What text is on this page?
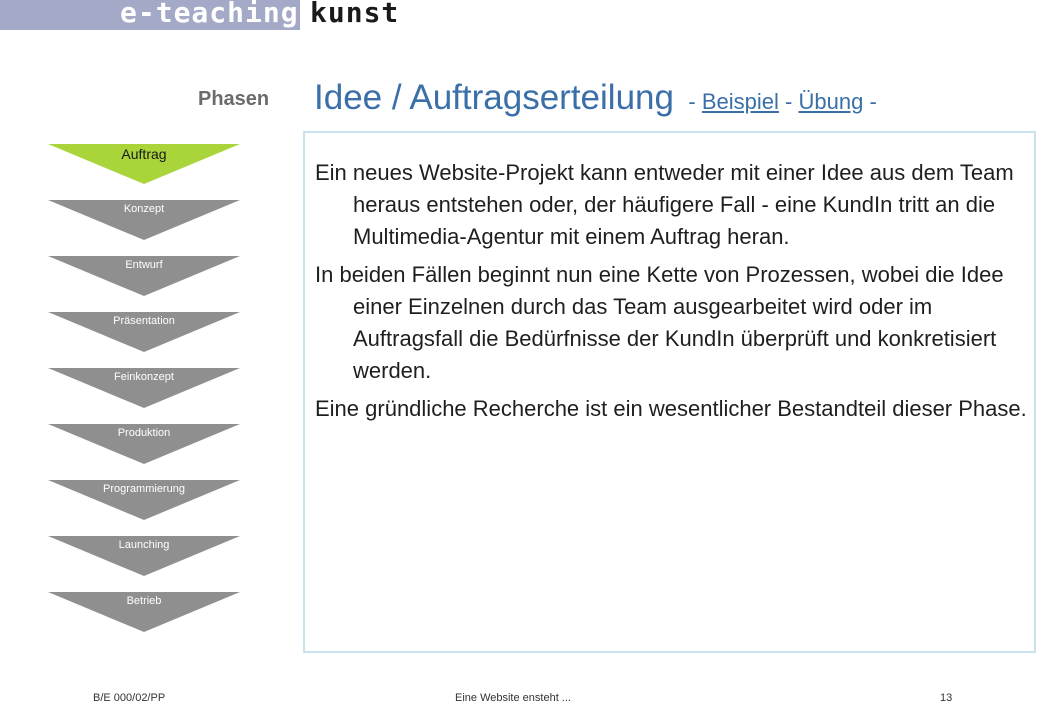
e-teaching kunst
Phasen
Auftrag
Konzept
Entwurf
Präsentation
Feinkonzept
Produktion
Programmierung
Launching
Betrieb
Idee / Auftragserteilung - Beispiel - Übung -

Ein neues Website-Projekt kann entweder mit einer Idee aus dem Team heraus entstehen oder, der häufigere Fall - eine KundIn tritt an die Multimedia-Agentur mit einem Auftrag heran.

In beiden Fällen beginnt nun eine Kette von Prozessen, wobei die Idee einer Einzelnen durch das Team ausgearbeitet wird oder im Auftragsfall die Bedürfnisse der KundIn überprüft und konkretisiert werden.

Eine gründliche Recherche ist ein wesentlicher Bestandteil dieser Phase.

B/E 000/02/PP	Eine Website ensteht ...	13
